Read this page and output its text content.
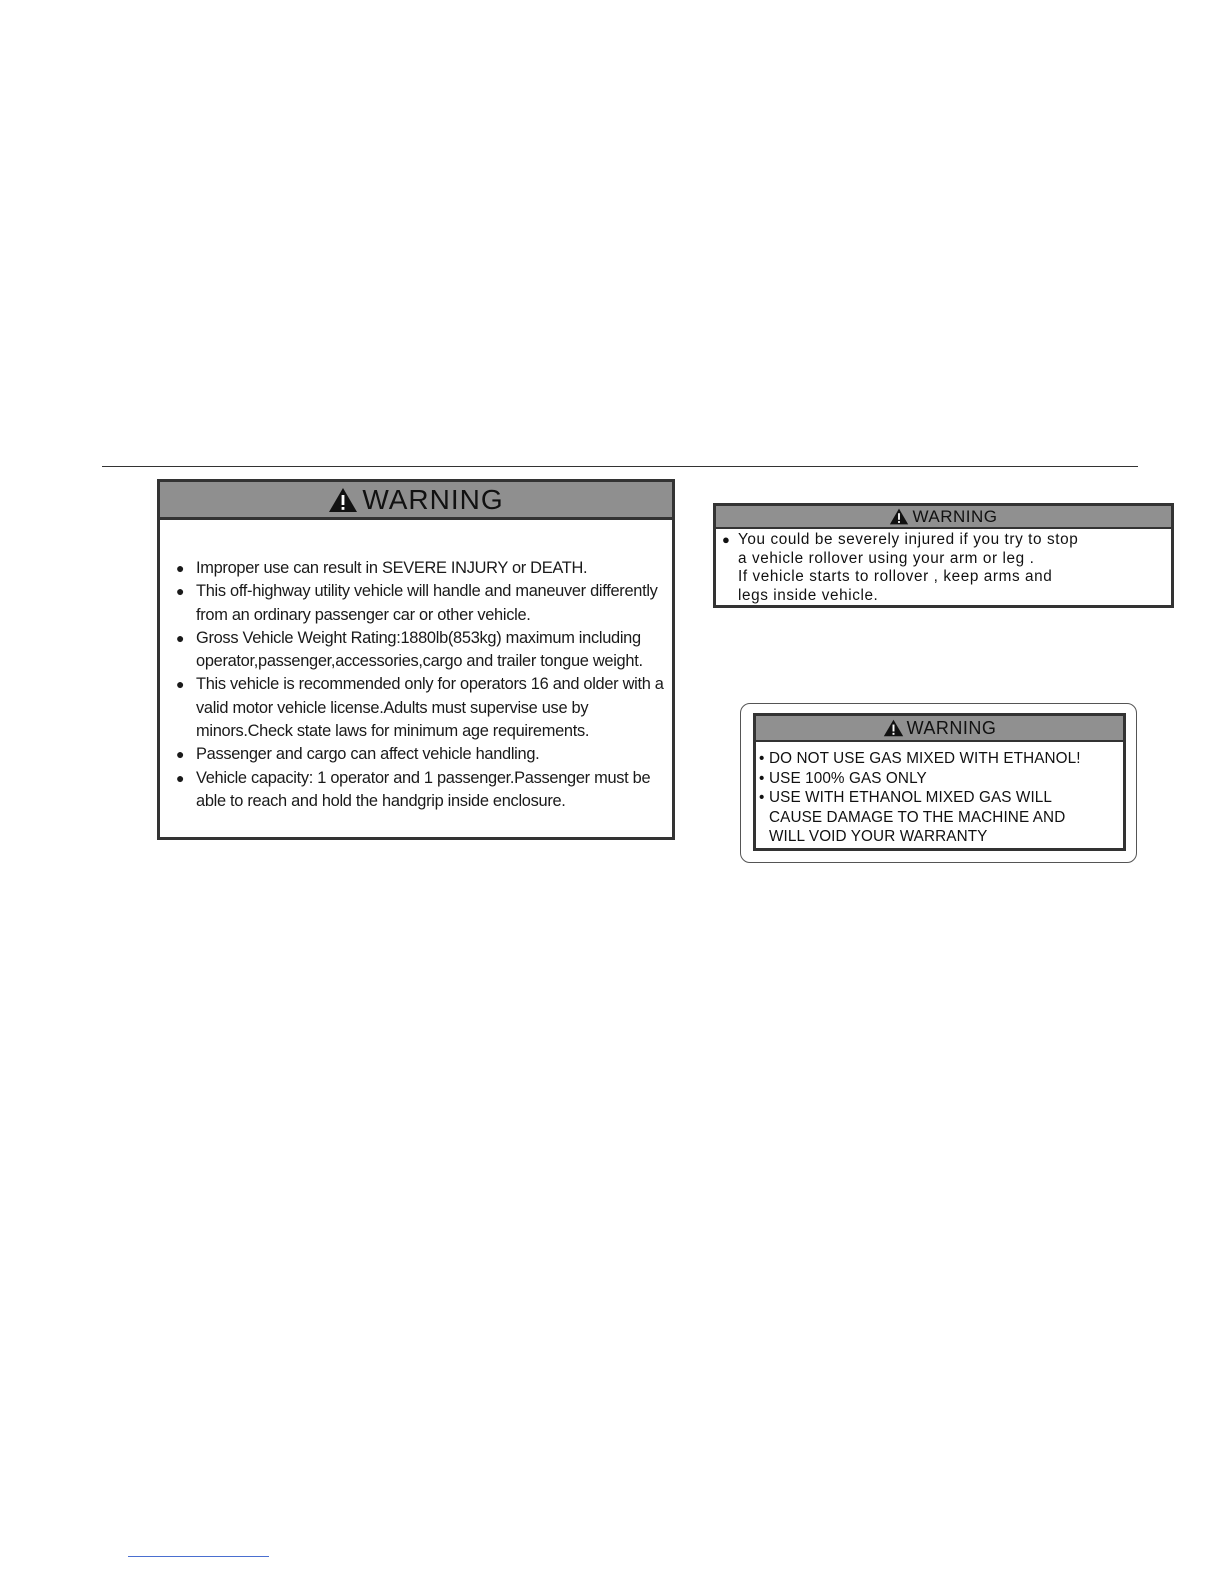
WARNING
● Improper use can result in SEVERE INJURY or DEATH.
● This off-highway utility vehicle will handle and maneuver differently from an ordinary passenger car or other vehicle.
● Gross Vehicle Weight Rating:1880lb(853kg) maximum including operator,passenger,accessories,cargo and trailer tongue weight.
● This vehicle is recommended only for operators 16 and older with a valid motor vehicle license.Adults must supervise use by minors.Check state laws for minimum age requirements.
● Passenger and cargo can affect vehicle handling.
● Vehicle capacity: 1 operator and 1 passenger.Passenger must be able to reach and hold the handgrip inside enclosure.
WARNING
● You could be severely injured if you try to stop
a vehicle rollover using your arm or leg .
If vehicle starts to rollover , keep arms and
legs inside vehicle.
WARNING
• DO NOT USE GAS MIXED WITH ETHANOL!
• USE 100% GAS ONLY
• USE WITH ETHANOL MIXED GAS WILL
CAUSE DAMAGE TO THE MACHINE AND
WILL VOID YOUR WARRANTY
